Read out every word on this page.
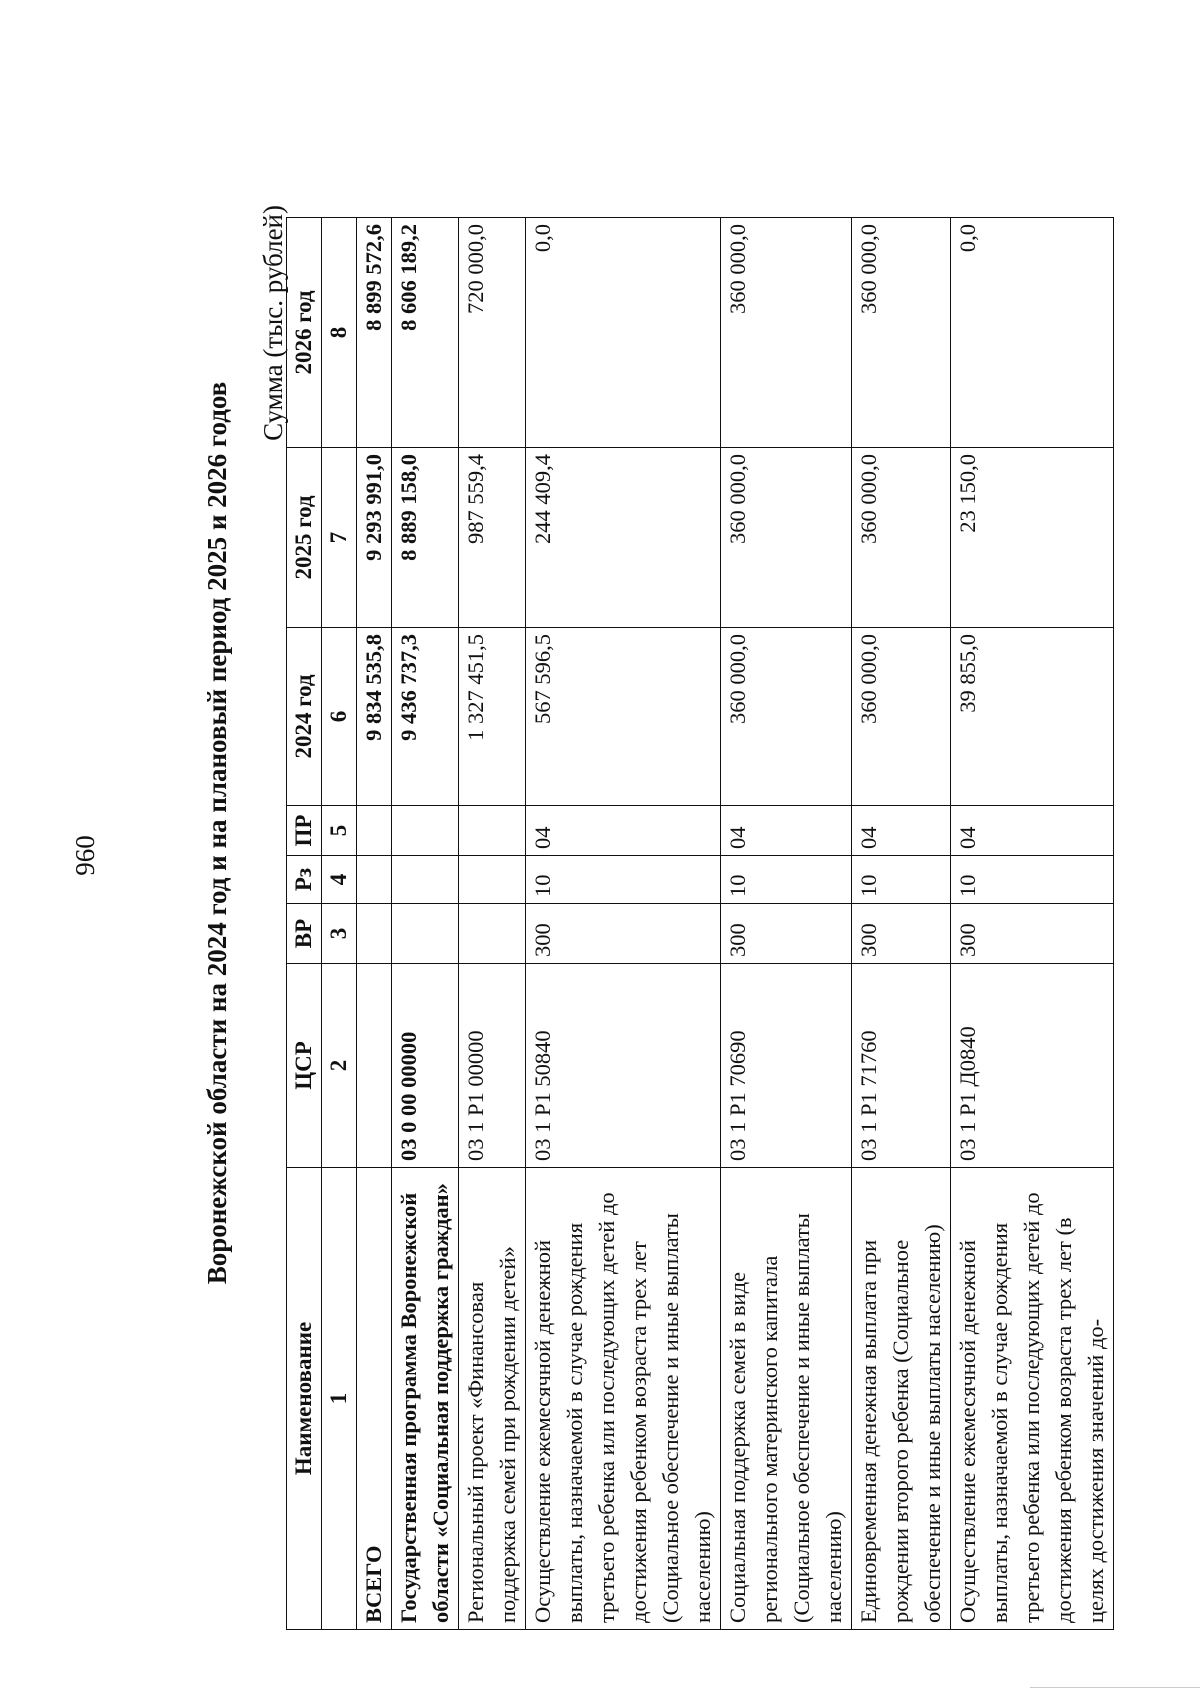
960	Воронежской области на 2024 год и на плановый период 2025 и 2026 годов
Сумма (тыс. рублей)
Наименование	ЦСР	ВР	Рз	ПР	2024 год	2025 год	2026 год
1	2	3	4	5	6	7	8
ВСЕГО					9 834 535,8	9 293 991,0	8 899 572,6
Государственная программа Воронежской области «Социальная поддержка граждан»	03 0 00 00000				9 436 737,3	8 889 158,0	8 606 189,2
Региональный проект «Финансовая поддержка семей при рождении детей»	03 1 Р1 00000				1 327 451,5	987 559,4	720 000,0
Осуществление ежемесячной денежной выплаты, назначаемой в случае рождения третьего ребенка или последующих детей до достижения ребенком возраста трех лет (Социальное обеспечение и иные выплаты населению)	03 1 Р1 50840	300	10	04	567 596,5	244 409,4	0,0
Социальная поддержка семей в виде регионального материнского капитала (Социальное обеспечение и иные выплаты населению)	03 1 Р1 70690	300	10	04	360 000,0	360 000,0	360 000,0
Единовременная денежная выплата при рождении второго ребенка (Социальное обеспечение и иные выплаты населению)	03 1 Р1 71760	300	10	04	360 000,0	360 000,0	360 000,0
Осуществление ежемесячной денежной выплаты, назначаемой в случае рождения третьего ребенка или последующих детей до достижения ребенком возраста трех лет (в целях достижения значений до-	03 1 Р1 Д0840	300	10	04	39 855,0	23 150,0	0,0
